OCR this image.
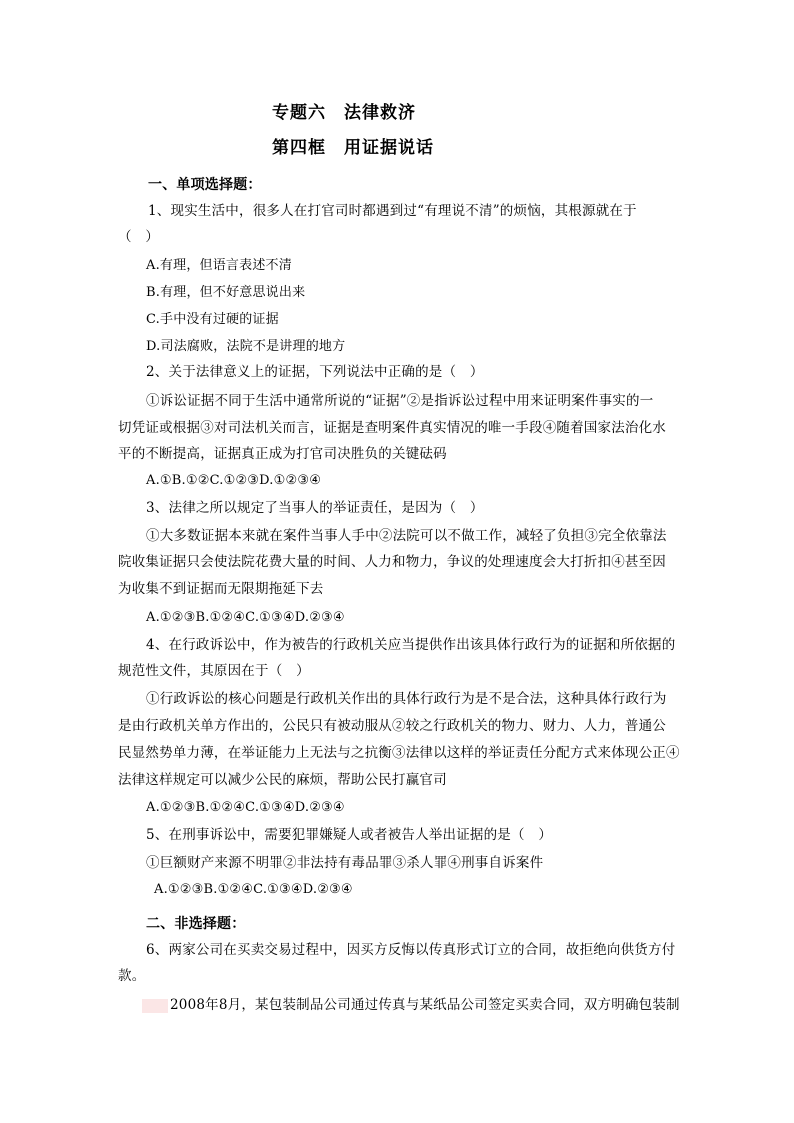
专题六　法律救济
第四框　用证据说话
一、单项选择题：
1、现实生活中，很多人在打官司时都遇到过“有理说不清”的烦恼，其根源就在于
（　）
A.有理，但语言表述不清
B.有理，但不好意思说出来
C.手中没有过硬的证据
D.司法腐败，法院不是讲理的地方
2、关于法律意义上的证据，下列说法中正确的是（　）
①诉讼证据不同于生活中通常所说的“证据”②是指诉讼过程中用来证明案件事实的一
切凭证或根据③对司法机关而言，证据是查明案件真实情况的唯一手段④随着国家法治化水
平的不断提高，证据真正成为打官司决胜负的关键砝码
A.①B.①②C.①②③D.①②③④
3、法律之所以规定了当事人的举证责任，是因为（　）
①大多数证据本来就在案件当事人手中②法院可以不做工作，减轻了负担③完全依靠法
院收集证据只会使法院花费大量的时间、人力和物力，争议的处理速度会大打折扣④甚至因
为收集不到证据而无限期拖延下去
A.①②③B.①②④C.①③④D.②③④
4、在行政诉讼中，作为被告的行政机关应当提供作出该具体行政行为的证据和所依据的
规范性文件，其原因在于（　）
①行政诉讼的核心问题是行政机关作出的具体行政行为是不是合法，这种具体行政行为
是由行政机关单方作出的，公民只有被动服从②较之行政机关的物力、财力、人力，普通公
民显然势单力薄，在举证能力上无法与之抗衡③法律以这样的举证责任分配方式来体现公正④
法律这样规定可以减少公民的麻烦，帮助公民打赢官司
A.①②③B.①②④C.①③④D.②③④
5、在刑事诉讼中，需要犯罪嫌疑人或者被告人举出证据的是（　）
①巨额财产来源不明罪②非法持有毒品罪③杀人罪④刑事自诉案件
A.①②③B.①②④C.①③④D.②③④
二、非选择题：
6、两家公司在买卖交易过程中，因买方反悔以传真形式订立的合同，故拒绝向供货方付
款。
2008年8月，某包装制品公司通过传真与某纸品公司签定买卖合同，双方明确包装制
